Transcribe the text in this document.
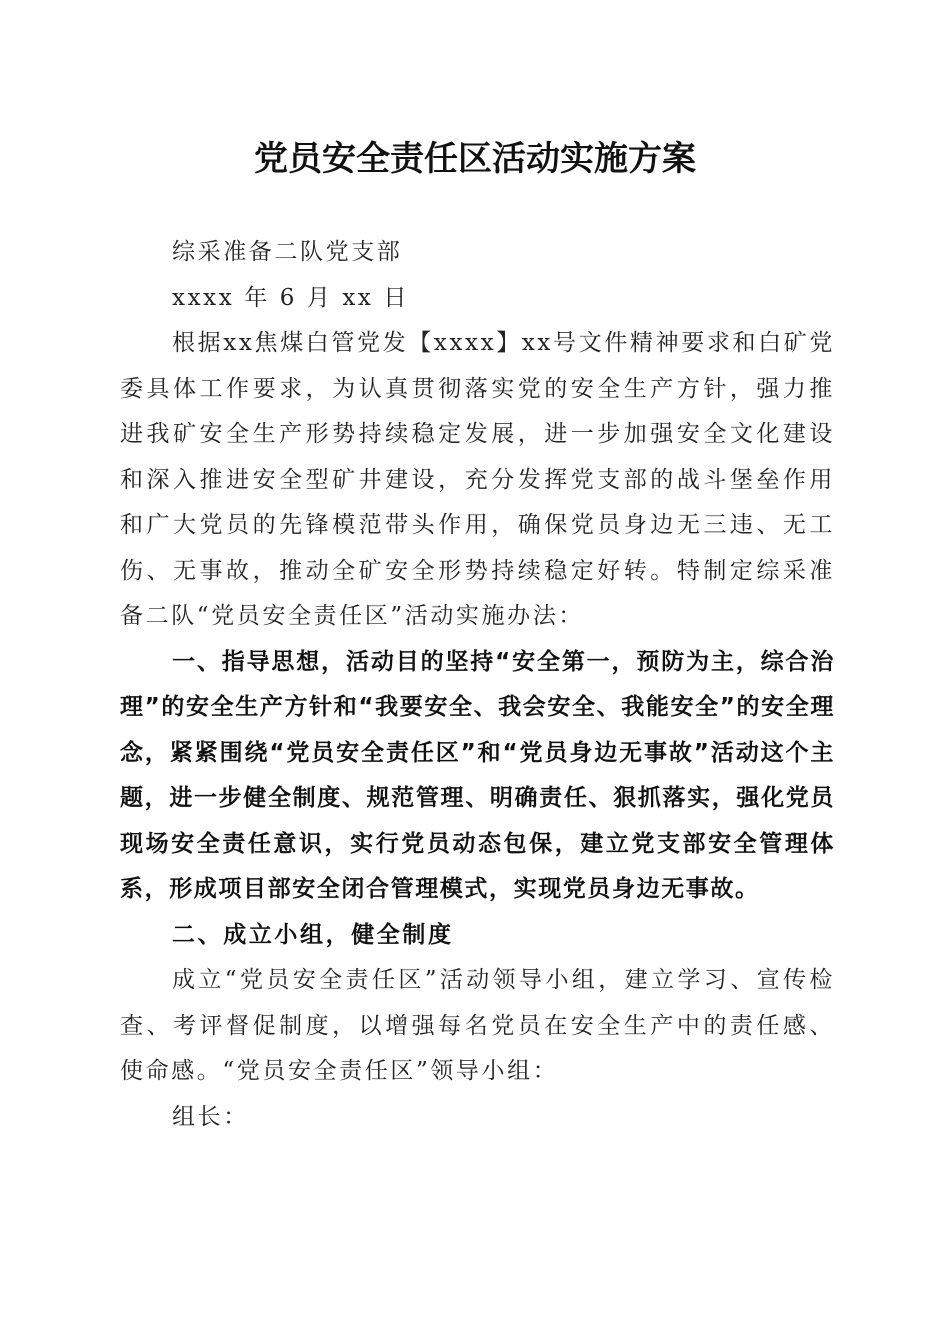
党员安全责任区活动实施方案

综采准备二队党支部

xxxx 年 6 月 xx 日

根据xx焦煤白管党发【xxxx】xx号文件精神要求和白矿党委具体工作要求，为认真贯彻落实党的安全生产方针，强力推进我矿安全生产形势持续稳定发展，进一步加强安全文化建设和深入推进安全型矿井建设，充分发挥党支部的战斗堡垒作用和广大党员的先锋模范带头作用，确保党员身边无三违、无工伤、无事故，推动全矿安全形势持续稳定好转。特制定综采准备二队“党员安全责任区”活动实施办法：

一、指导思想，活动目的坚持“安全第一，预防为主，综合治理”的安全生产方针和“我要安全、我会安全、我能安全”的安全理念，紧紧围绕“党员安全责任区”和“党员身边无事故”活动这个主题，进一步健全制度、规范管理、明确责任、狠抓落实，强化党员现场安全责任意识，实行党员动态包保，建立党支部安全管理体系，形成项目部安全闭合管理模式，实现党员身边无事故。

二、成立小组，健全制度

成立“党员安全责任区”活动领导小组，建立学习、宣传检查、考评督促制度，以增强每名党员在安全生产中的责任感、使命感。“党员安全责任区”领导小组：

组长：
